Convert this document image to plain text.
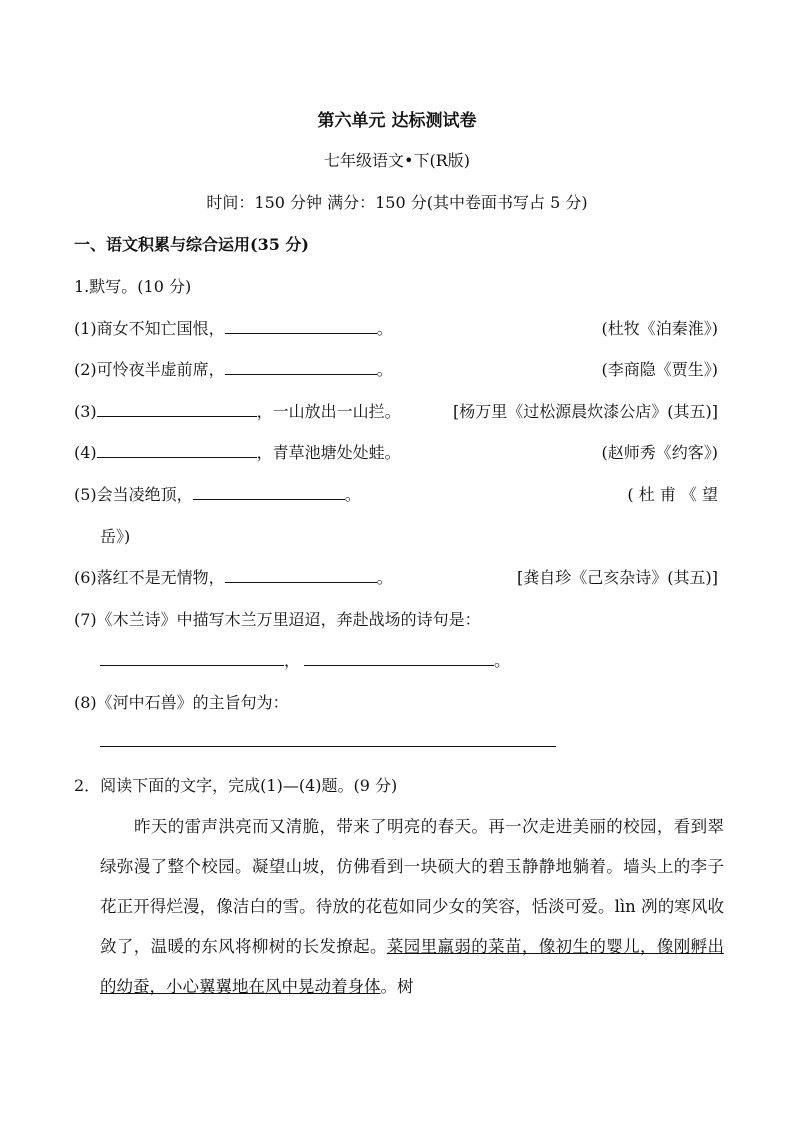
第六单元 达标测试卷
七年级语文•下(R版)
时间：150 分钟 满分：150 分(其中卷面书写占 5 分)
一、语文积累与综合运用(35 分)
1.默写。(10 分)
(1)商女不知亡国恨，	。	(杜牧《泊秦淮》)
(2)可怜夜半虚前席，	。	(李商隐《贾生》)
(3)	，一山放出一山拦。	[杨万里《过松源晨炊漆公店》(其五)]
(4)	，青草池塘处处蛙。	(赵师秀《约客》)
(5)会当凌绝顶，	。	( 杜 甫 《 望
岳》)
(6)落红不是无情物，	。	[龚自珍《己亥杂诗》(其五)]
(7)《木兰诗》中描写木兰万里迢迢，奔赴战场的诗句是：
，	。
(8)《河中石兽》的主旨句为：
2．阅读下面的文字，完成(1)—(4)题。(9 分)
昨天的雷声洪亮而又清脆，带来了明亮的春天。再一次走进美丽的校园，看到翠绿弥漫了整个校园。凝望山坡，仿佛看到一块硕大的碧玉静静地躺着。墙头上的李子花正开得烂漫，像洁白的雪。待放的花苞如同少女的笑容，恬淡可爱。lìn 冽的寒风收敛了，温暖的东风将柳树的长发撩起。菜园里羸弱的菜苗，像初生的婴儿，像刚孵出的幼蚕，小心翼翼地在风中晃动着身体。树
